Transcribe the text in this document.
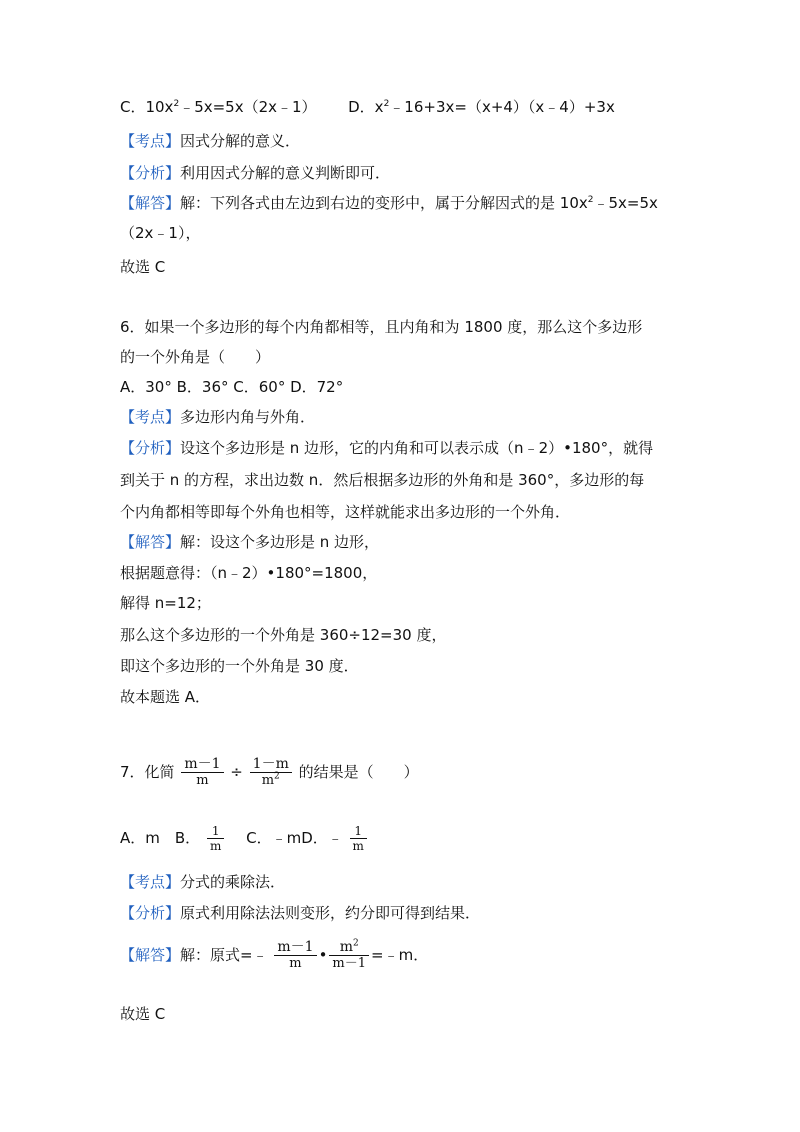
C．$10x^2﹣5x=5x(2x﹣1)$ D．$x^2﹣16+3x=(x+4)(x﹣4)+3x$
【考点】因式分解的意义．
【分析】利用因式分解的意义判断即可．
【解答】解：下列各式由左边到右边的变形中，属于分解因式的是 $10x^2﹣5x=5x$
（2x﹣1），
故选 C
6．如果一个多边形的每个内角都相等，且内角和为 1800 度，那么这个多边形
的一个外角是（　　）
A．30° B．36° C．60° D．72°
【考点】多边形内角与外角．
【分析】设这个多边形是 n 边形，它的内角和可以表示成（n﹣2）•180°，就得
到关于 n 的方程，求出边数 n．然后根据多边形的外角和是 360°，多边形的每
个内角都相等即每个外角也相等，这样就能求出多边形的一个外角．
【解答】解：设这个多边形是 n 边形，
根据题意得：（n﹣2）•180°=1800，
解得 n=12；
那么这个多边形的一个外角是 360÷12=30 度，
即这个多边形的一个外角是 30 度．
故本题选 A．
7．化简 $\frac{m-1}{m} \div \frac{1-m}{m^2}$ 的结果是（　　）
A．m　B． $\frac{1}{m}$ 　C．﹣mD．﹣ $\frac{1}{m}$
【考点】分式的乘除法．
【分析】原式利用除法法则变形，约分即可得到结果．
【解答】解：原式=﹣ $\frac{m-1}{m}$ • $\frac{m^2}{m-1}$ =﹣m．
故选 C
